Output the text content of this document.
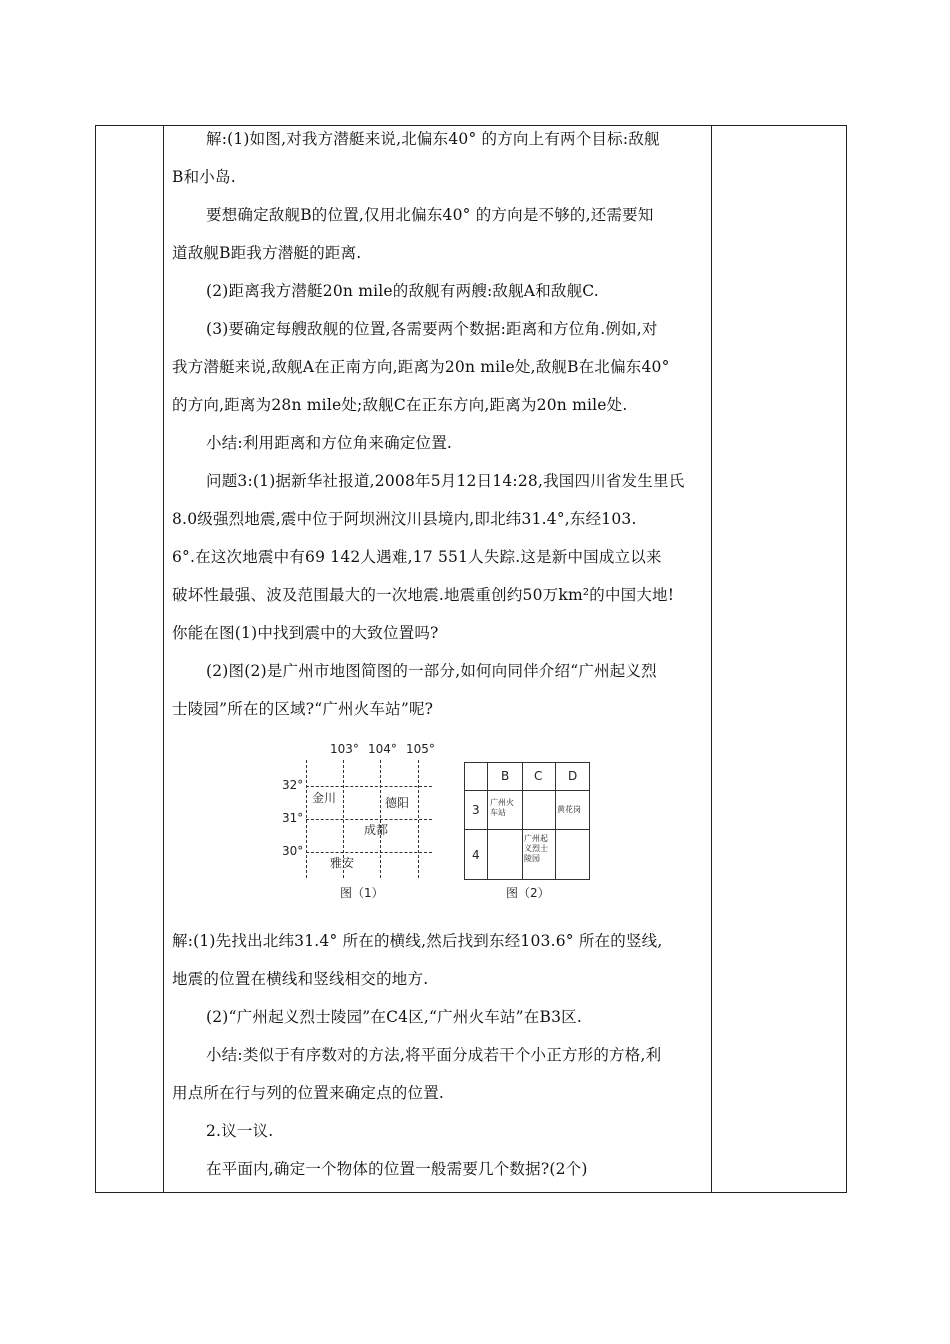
解:(1)如图,对我方潜艇来说,北偏东40° 的方向上有两个目标:敌舰
B和小岛.
要想确定敌舰B的位置,仅用北偏东40° 的方向是不够的,还需要知
道敌舰B距我方潜艇的距离.
(2)距离我方潜艇20n mile的敌舰有两艘:敌舰A和敌舰C.
(3)要确定每艘敌舰的位置,各需要两个数据:距离和方位角.例如,对
我方潜艇来说,敌舰A在正南方向,距离为20n mile处,敌舰B在北偏东40°
的方向,距离为28n mile处;敌舰C在正东方向,距离为20n mile处.
小结:利用距离和方位角来确定位置.
问题3:(1)据新华社报道,2008年5月12日14:28,我国四川省发生里氏
8.0级强烈地震,震中位于阿坝洲汶川县境内,即北纬31.4°,东经103.
6°.在这次地震中有69 142人遇难,17 551人失踪.这是新中国成立以来
破坏性最强、波及范围最大的一次地震.地震重创约50万km²的中国大地!
你能在图(1)中找到震中的大致位置吗?
(2)图(2)是广州市地图简图的一部分,如何向同伴介绍“广州起义烈
士陵园”所在的区域?“广州火车站”呢?
解:(1)先找出北纬31.4° 所在的横线,然后找到东经103.6° 所在的竖线,
地震的位置在横线和竖线相交的地方.
(2)“广州起义烈士陵园”在C4区,“广州火车站”在B3区.
小结:类似于有序数对的方法,将平面分成若干个小正方形的方格,利
用点所在行与列的位置来确定点的位置.
2.议一议.
在平面内,确定一个物体的位置一般需要几个数据?(2个)
103° 104° 105°
32°
31°
30°
金川	德阳
成都
雅安
图（1）
B C D
3
4
广州火车站	黄花岗
广州起义烈士陵园
图（2）
